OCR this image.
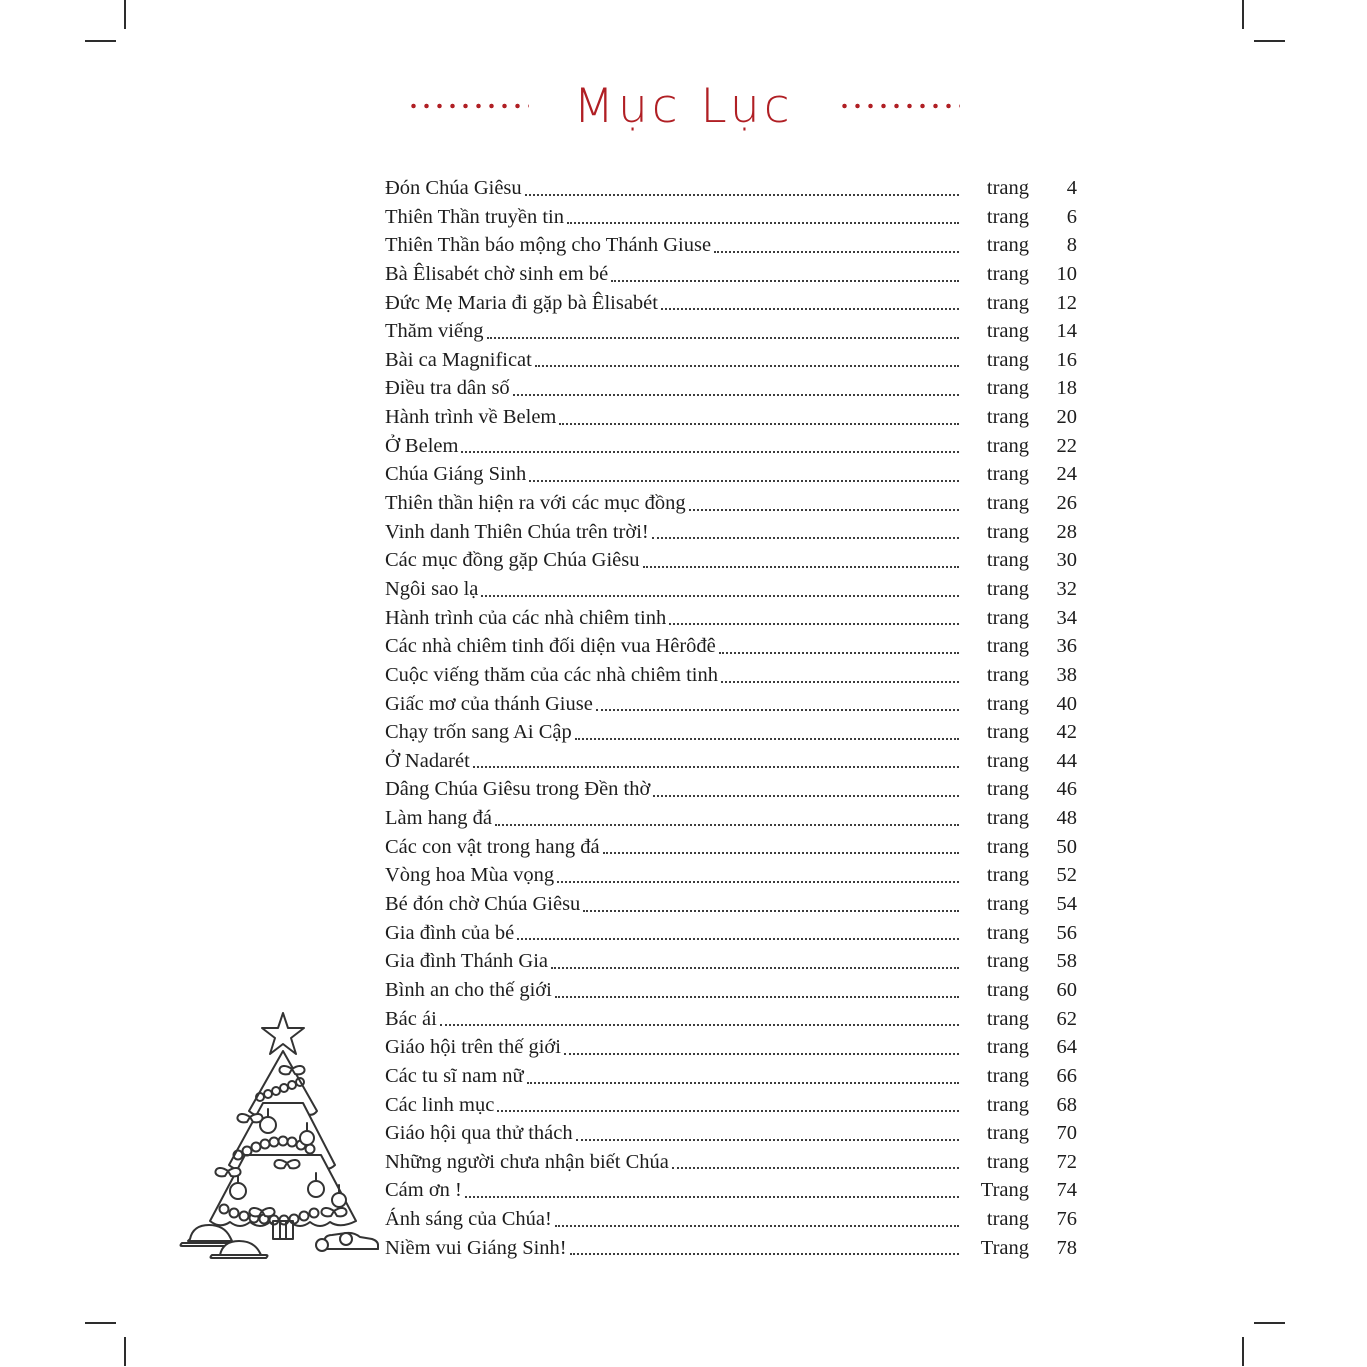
Mục Lục
Đón Chúa Giêsu	trang	4
Thiên Thần truyền tin	trang	6
Thiên Thần báo mộng cho Thánh Giuse	trang	8
Bà Êlisabét chờ sinh em bé	trang	10
Đức Mẹ Maria đi gặp bà Êlisabét	trang	12
Thăm viếng	trang	14
Bài ca Magnificat	trang	16
Điều tra dân số	trang	18
Hành trình về Belem	trang	20
Ở Belem	trang	22
Chúa Giáng Sinh	trang	24
Thiên thần hiện ra với các mục đồng	trang	26
Vinh danh Thiên Chúa trên trời!	trang	28
Các mục đồng gặp Chúa Giêsu	trang	30
Ngôi sao lạ	trang	32
Hành trình của các nhà chiêm tinh	trang	34
Các nhà chiêm tinh đối diện vua Hêrôđê	trang	36
Cuộc viếng thăm của các nhà chiêm tinh	trang	38
Giấc mơ của thánh Giuse	trang	40
Chạy trốn sang Ai Cập	trang	42
Ở Nadarét	trang	44
Dâng Chúa Giêsu trong Đền thờ	trang	46
Làm hang đá	trang	48
Các con vật trong hang đá	trang	50
Vòng hoa Mùa vọng	trang	52
Bé đón chờ Chúa Giêsu	trang	54
Gia đình của bé	trang	56
Gia đình Thánh Gia	trang	58
Bình an cho thế giới	trang	60
Bác ái	trang	62
Giáo hội trên thế giới	trang	64
Các tu sĩ nam nữ	trang	66
Các linh mục	trang	68
Giáo hội qua thử thách	trang	70
Những người chưa nhận biết Chúa	trang	72
Cám ơn !	Trang	74
Ánh sáng của Chúa!	trang	76
Niềm vui Giáng Sinh!	Trang	78
